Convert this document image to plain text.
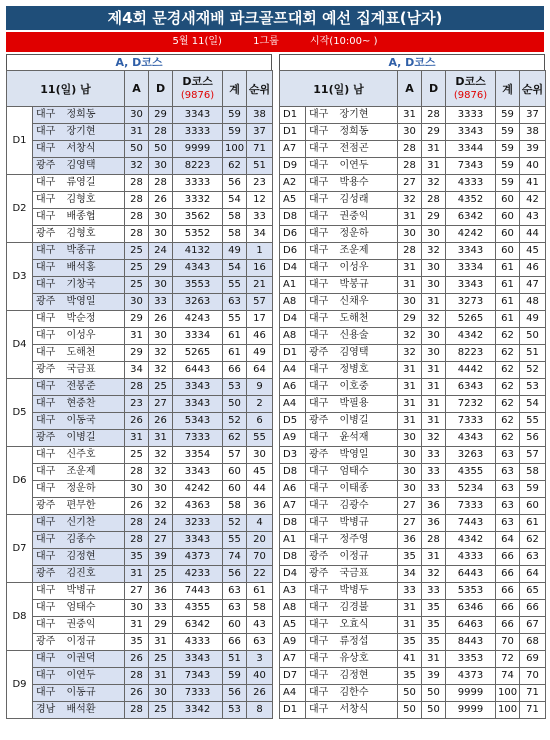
제4회 문경새재배 파크골프대회 예선 집계표(남자)
5월 11(일)	1그룹	시작(10:00~ )
A, D코스
11(일) 남			A	D	D코스
(9876)	계	순위
D1	대구	정희동	30	29	3343	59	38
	대구	장기현	31	28	3333	59	37
	대구	서창식	50	50	9999	100	71
	광주	김영택	32	30	8223	62	51
D2	대구	류영길	28	28	3333	56	23
	대구	김형호	28	26	3332	54	12
	대구	배종협	28	30	3562	58	33
	광주	김형호	28	30	5352	58	34
D3	대구	박종규	25	24	4132	49	1
	대구	배석홍	25	29	4343	54	16
	대구	기창국	25	30	3553	55	21
	광주	박영일	30	33	3263	63	57
D4	대구	박순정	29	26	4243	55	17
	대구	이성우	31	30	3334	61	46
	대구	도해천	29	32	5265	61	49
	광주	국금표	34	32	6443	66	64
D5	대구	전봉준	28	25	3343	53	9
	대구	현중찬	23	27	3343	50	2
	대구	이동국	26	26	5343	52	6
	광주	이병길	31	31	7333	62	55
D6	대구	신주호	25	32	3354	57	30
	대구	조운제	28	32	3343	60	45
	대구	정운하	30	30	4242	60	44
	광주	편무한	26	32	4363	58	36
D7	대구	신기찬	28	24	3233	52	4
	대구	김종수	28	27	3343	55	20
	대구	김정현	35	39	4373	74	70
	광주	김진호	31	25	4233	56	22
D8	대구	박병규	27	36	7443	63	61
	대구	엄태수	30	33	4355	63	58
	대구	권중익	31	29	6342	60	43
	광주	이정규	35	31	4333	66	63
D9	대구	이권덕	26	25	3343	51	3
	대구	이연두	28	31	7343	59	40
	대구	이동규	26	30	7333	56	26
	경남	배석환	28	25	3342	53	8
A, D코스
11(일) 남			A	D	D코스
(9876)	계	순위
D1	대구	장기현	31	28	3333	59	37
D1	대구	정희동	30	29	3343	59	38
A7	대구	전점곤	28	31	3344	59	39
D9	대구	이연두	28	31	7343	59	40
A2	대구	박용수	27	32	4333	59	41
A5	대구	김성래	32	28	4352	60	42
D8	대구	권중익	31	29	6342	60	43
D6	대구	정운하	30	30	4242	60	44
D6	대구	조운제	28	32	3343	60	45
D4	대구	이성우	31	30	3334	61	46
A1	대구	박봉규	31	30	3343	61	47
A8	대구	신채우	30	31	3273	61	48
D4	대구	도해천	29	32	5265	61	49
A8	대구	신용술	32	30	4342	62	50
D1	광주	김영택	32	30	8223	62	51
A4	대구	정병호	31	31	4442	62	52
A6	대구	이호중	31	31	6343	62	53
A4	대구	박필용	31	31	7232	62	54
D5	광주	이병길	31	31	7333	62	55
A9	대구	윤석재	30	32	4343	62	56
D3	광주	박영일	30	33	3263	63	57
D8	대구	엄태수	30	33	4355	63	58
A6	대구	이태종	30	33	5234	63	59
A7	대구	김광수	27	36	7333	63	60
D8	대구	박병규	27	36	7443	63	61
A1	대구	정주영	36	28	4342	64	62
D8	광주	이정규	35	31	4333	66	63
D4	광주	국금표	34	32	6443	66	64
A3	대구	박병두	33	33	5353	66	65
A8	대구	김경불	31	35	6346	66	66
A5	대구	오효식	31	35	6463	66	67
A9	대구	류정섭	35	35	8443	70	68
A7	대구	유상호	41	31	3353	72	69
D7	대구	김정현	35	39	4373	74	70
A4	대구	김한수	50	50	9999	100	71
D1	대구	서창식	50	50	9999	100	71
